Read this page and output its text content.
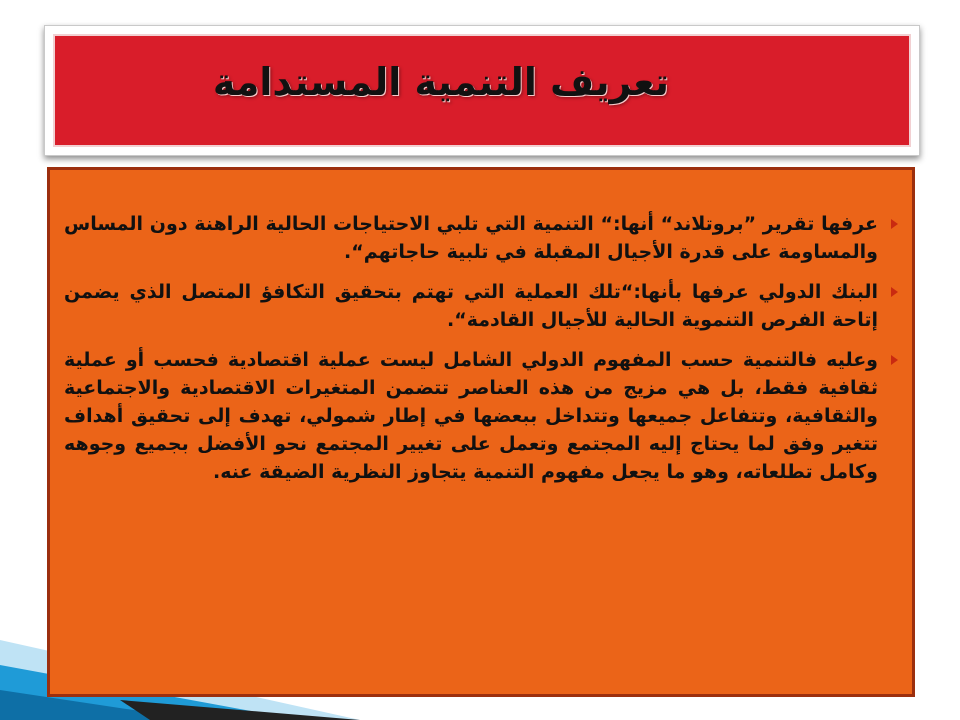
تعريف التنمية المستدامة
عرفها تقرير ”بروتلاند“ أنها:“ التنمية التي تلبي الاحتياجات الحالية الراهنة دون المساس والمساومة على قدرة الأجيال المقبلة في تلبية حاجاتهم“.
البنك الدولي عرفها بأنها:“تلك العملية التي تهتم بتحقيق التكافؤ المتصل الذي يضمن إتاحة الفرص التنموية الحالية للأجيال القادمة“.
وعليه فالتنمية حسب المفهوم الدولي الشامل ليست عملية اقتصادية فحسب أو عملية ثقافية فقط، بل هي مزيج من هذه العناصر تتضمن المتغيرات الاقتصادية والاجتماعية والثقافية، وتتفاعل جميعها وتتداخل ببعضها في إطار شمولي، تهدف إلى تحقيق أهداف تتغير وفق لما يحتاج إليه المجتمع وتعمل على تغيير المجتمع نحو الأفضل بجميع وجوهه وكامل تطلعاته، وهو ما يجعل مفهوم التنمية يتجاوز النظرية الضيقة عنه.
